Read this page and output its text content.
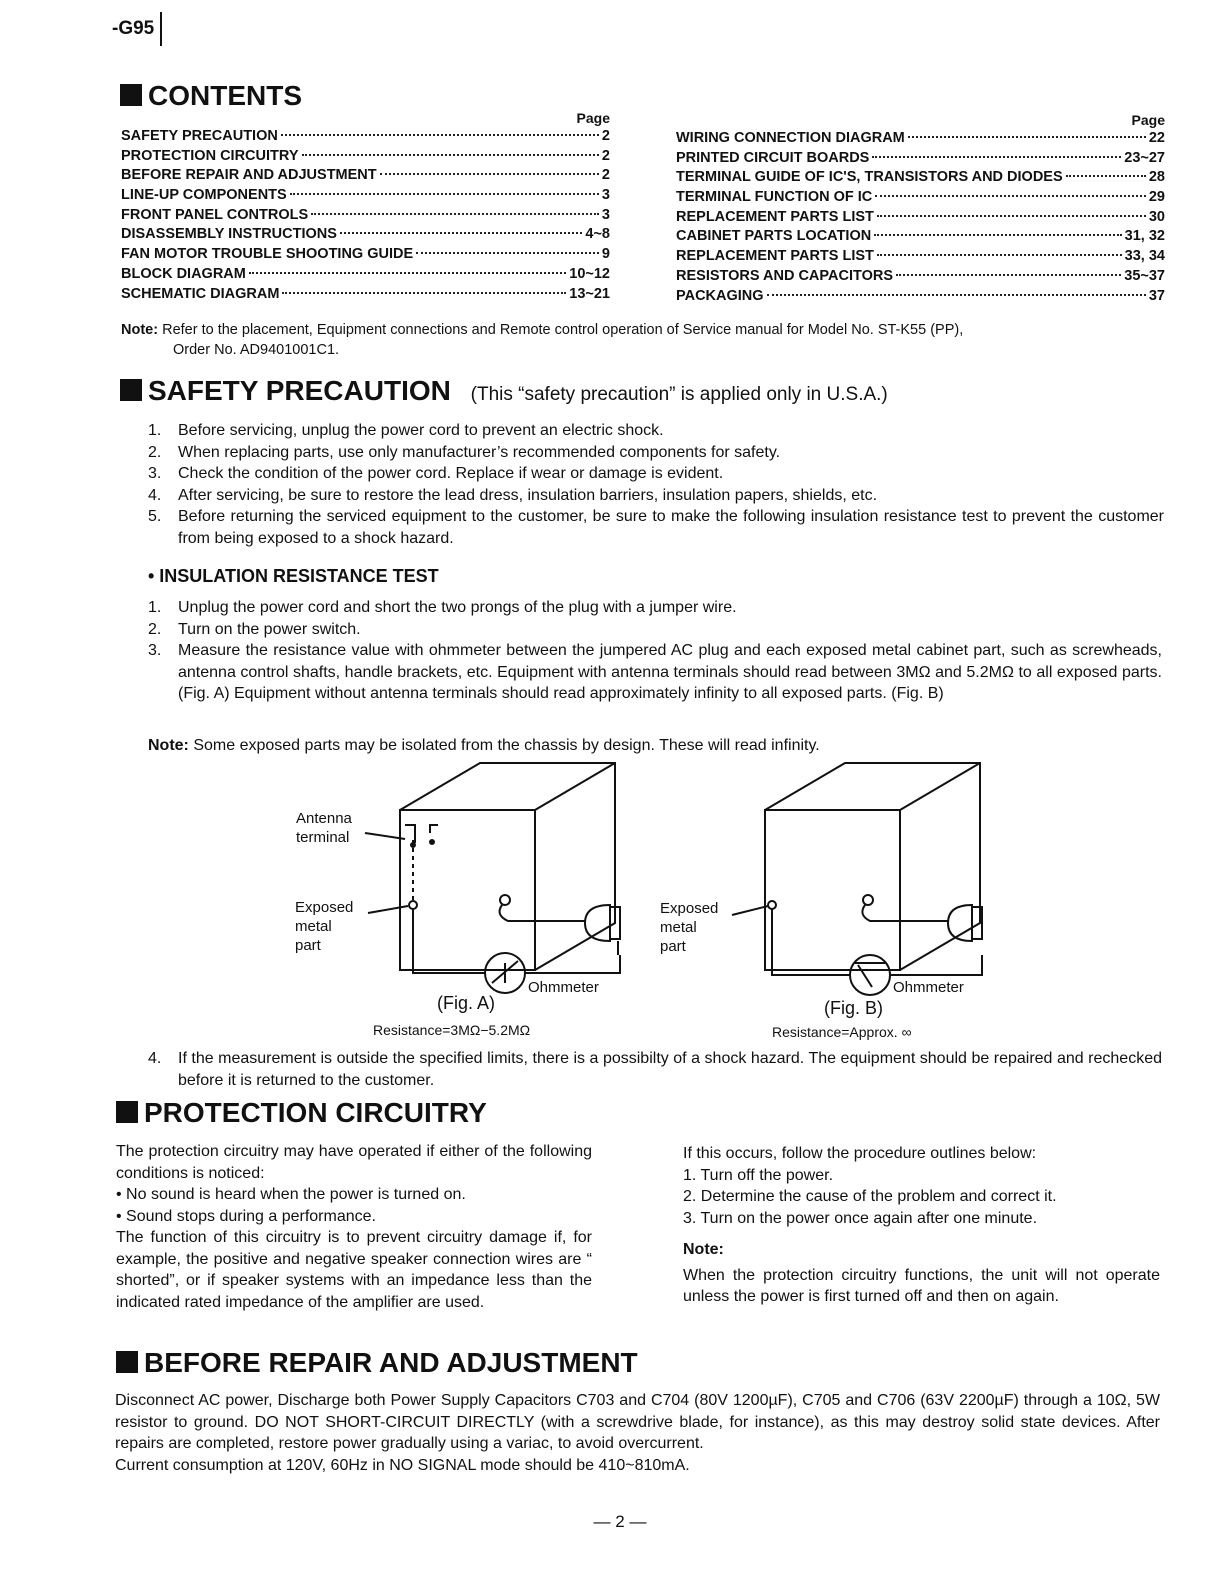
-G95
CONTENTS
Page	Page
SAFETY PRECAUTION	2
PROTECTION CIRCUITRY	2
BEFORE REPAIR AND ADJUSTMENT	2
LINE-UP COMPONENTS	3
FRONT PANEL CONTROLS	3
DISASSEMBLY INSTRUCTIONS	4~8
FAN MOTOR TROUBLE SHOOTING GUIDE	9
BLOCK DIAGRAM	10~12
SCHEMATIC DIAGRAM	13~21
WIRING CONNECTION DIAGRAM	22
PRINTED CIRCUIT BOARDS	23~27
TERMINAL GUIDE OF IC'S, TRANSISTORS AND DIODES	28
TERMINAL FUNCTION OF IC	29
REPLACEMENT PARTS LIST	30
CABINET PARTS LOCATION	31, 32
REPLACEMENT PARTS LIST	33, 34
RESISTORS AND CAPACITORS	35~37
PACKAGING	37
Note: Refer to the placement, Equipment connections and Remote control operation of Service manual for Model No. ST-K55 (PP),
Order No. AD9401001C1.
SAFETY PRECAUTION (This “safety precaution” is applied only in U.S.A.)
1. Before servicing, unplug the power cord to prevent an electric shock.
2. When replacing parts, use only manufacturer’s recommended components for safety.
3. Check the condition of the power cord. Replace if wear or damage is evident.
4. After servicing, be sure to restore the lead dress, insulation barriers, insulation papers, shields, etc.
5. Before returning the serviced equipment to the customer, be sure to make the following insulation resistance test to prevent the customer from being exposed to a shock hazard.
• INSULATION RESISTANCE TEST
1. Unplug the power cord and short the two prongs of the plug with a jumper wire.
2. Turn on the power switch.
3. Measure the resistance value with ohmmeter between the jumpered AC plug and each exposed metal cabinet part, such as screwheads, antenna control shafts, handle brackets, etc. Equipment with antenna terminals should read between 3MΩ and 5.2MΩ to all exposed parts. (Fig. A) Equipment without antenna terminals should read approximately infinity to all exposed parts. (Fig. B)
Note: Some exposed parts may be isolated from the chassis by design. These will read infinity.
Antenna
terminal
Exposed
metal
part
Ohmmeter
(Fig. A)
Resistance=3MΩ−5.2MΩ
Exposed
metal
part
Ohmmeter
(Fig. B)
Resistance=Approx. ∞
4. If the measurement is outside the specified limits, there is a possibilty of a shock hazard. The equipment should be repaired and rechecked before it is returned to the customer.
PROTECTION CIRCUITRY
The protection circuitry may have operated if either of the following conditions is noticed:
• No sound is heard when the power is turned on.
• Sound stops during a performance.
The function of this circuitry is to prevent circuitry damage if, for example, the positive and negative speaker connection wires are “ shorted”, or if speaker systems with an impedance less than the indicated rated impedance of the amplifier are used.
If this occurs, follow the procedure outlines below:
1. Turn off the power.
2. Determine the cause of the problem and correct it.
3. Turn on the power once again after one minute.
Note:
When the protection circuitry functions, the unit will not operate unless the power is first turned off and then on again.
BEFORE REPAIR AND ADJUSTMENT
Disconnect AC power, Discharge both Power Supply Capacitors C703 and C704 (80V 1200µF), C705 and C706 (63V 2200µF) through a 10Ω, 5W resistor to ground. DO NOT SHORT-CIRCUIT DIRECTLY (with a screwdrive blade, for instance), as this may destroy solid state devices. After repairs are completed, restore power gradually using a variac, to avoid overcurrent.
Current consumption at 120V, 60Hz in NO SIGNAL mode should be 410~810mA.
— 2 —
